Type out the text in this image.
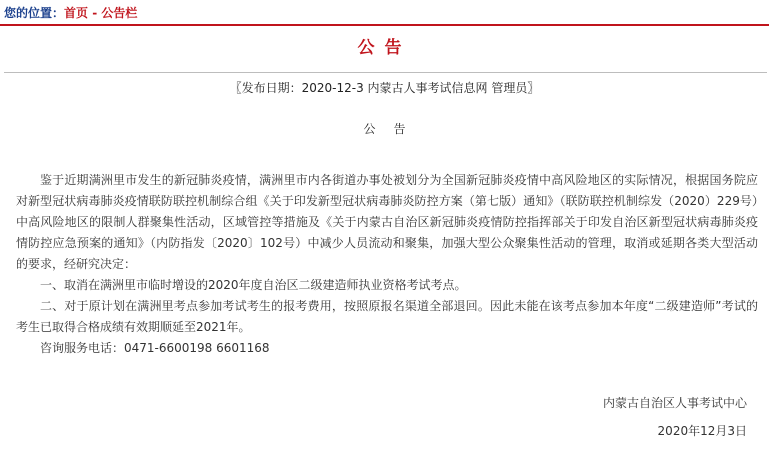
您的位置：首页 - 公告栏
公告
〖发布日期：2020-12-3 内蒙古人事考试信息网 管理员〗
公告

鉴于近期满洲里市发生的新冠肺炎疫情，满洲里市内各街道办事处被划分为全国新冠肺炎疫情中高风险地区的实际情况，根据国务院应对新型冠状病毒肺炎疫情联防联控机制综合组《关于印发新型冠状病毒肺炎防控方案（第七版）通知》（联防联控机制综发（2020）229号）中高风险地区的限制人群聚集性活动，区域管控等措施及《关于内蒙古自治区新冠肺炎疫情防控指挥部关于印发自治区新型冠状病毒肺炎疫情防控应急预案的通知》（内防指发〔2020〕102号）中减少人员流动和聚集，加强大型公众聚集性活动的管理，取消或延期各类大型活动的要求，经研究决定：

一、取消在满洲里市临时增设的2020年度自治区二级建造师执业资格考试考点。

二、对于原计划在满洲里考点参加考试考生的报考费用，按照原报名渠道全部退回。因此未能在该考点参加本年度“二级建造师”考试的考生已取得合格成绩有效期顺延至2021年。

咨询服务电话：0471-6600198 6601168

内蒙古自治区人事考试中心
2020年12月3日
